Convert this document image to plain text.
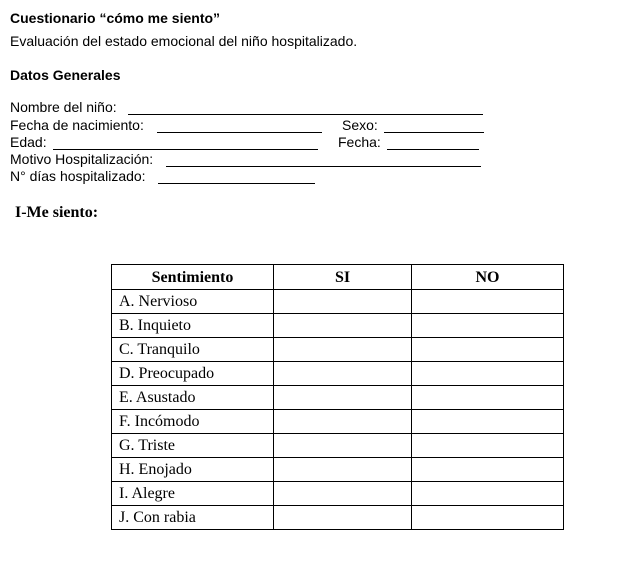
Cuestionario “cómo me siento”
Evaluación del estado emocional del niño hospitalizado.
Datos Generales
Nombre del niño:
Fecha de nacimiento:	Sexo:
Edad:	Fecha:
Motivo Hospitalización:
N° días hospitalizado:
I-Me siento:
Sentimiento	SI	NO
A. Nervioso		
B. Inquieto		
C. Tranquilo		
D. Preocupado		
E. Asustado		
F. Incómodo		
G. Triste		
H. Enojado		
I. Alegre		
J. Con rabia		
